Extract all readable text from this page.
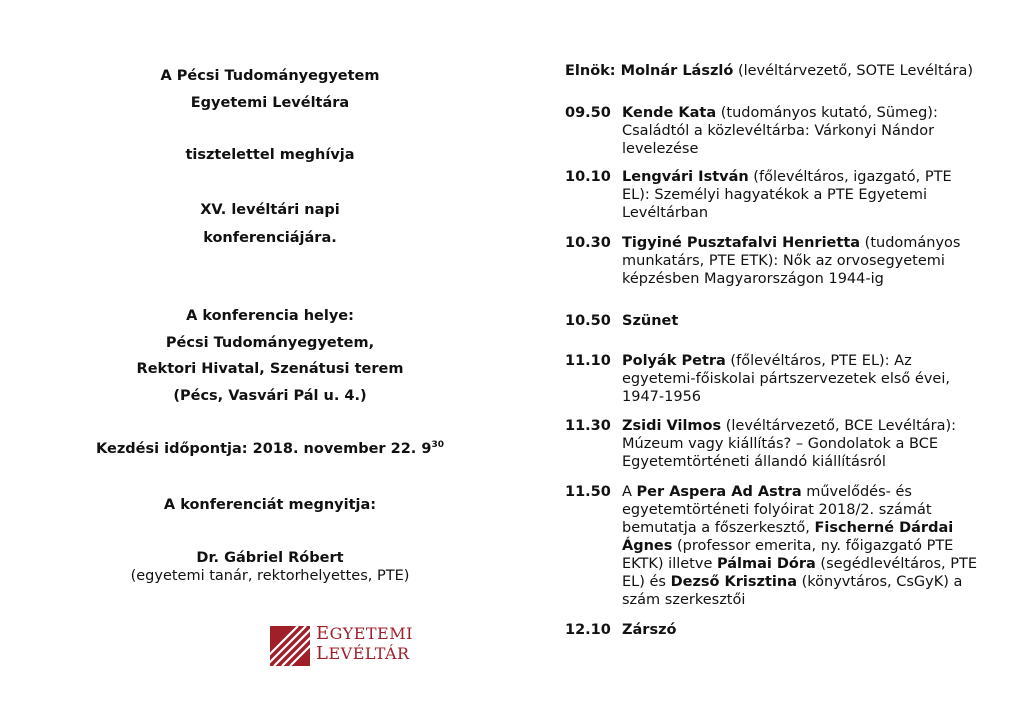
A Pécsi Tudományegyetem
Egyetemi Levéltára
tisztelettel meghívja
XV. levéltári napi
konferenciájára.
A konferencia helye:
Pécsi Tudományegyetem,
Rektori Hivatal, Szenátusi terem
(Pécs, Vasvári Pál u. 4.)
Kezdési időpontja: 2018. november 22. $9^{30}$
A konferenciát megnyitja:
Dr. Gábriel Róbert
(egyetemi tanár, rektorhelyettes, PTE)
EGYETEMI
LEVÉLTÁR
Elnök: Molnár László (levéltárvezető, SOTE Levéltára)
09.50 Kende Kata (tudományos kutató, Sümeg):
Családtól a közlevéltárba: Várkonyi Nándor
levelezése
10.10 Lengvári István (főlevéltáros, igazgató, PTE
EL): Személyi hagyatékok a PTE Egyetemi
Levéltárban
10.30 Tigyiné Pusztafalvi Henrietta (tudományos
munkatárs, PTE ETK): Nők az orvosegyetemi
képzésben Magyarországon 1944-ig
10.50 Szünet
11.10 Polyák Petra (főlevéltáros, PTE EL): Az
egyetemi-főiskolai pártszervezetek első évei,
1947-1956
11.30 Zsidi Vilmos (levéltárvezető, BCE Levéltára):
Múzeum vagy kiállítás? – Gondolatok a BCE
Egyetemtörténeti állandó kiállításról
11.50 A Per Aspera Ad Astra művelődés- és
egyetemtörténeti folyóirat 2018/2. számát
bemutatja a főszerkesztő, Fischerné Dárdai
Ágnes (professor emerita, ny. főigazgató PTE
EKTK) illetve Pálmai Dóra (segédlevéltáros, PTE
EL) és Dezső Krisztina (könyvtáros, CsGyK) a
szám szerkesztői
12.10 Zárszó
